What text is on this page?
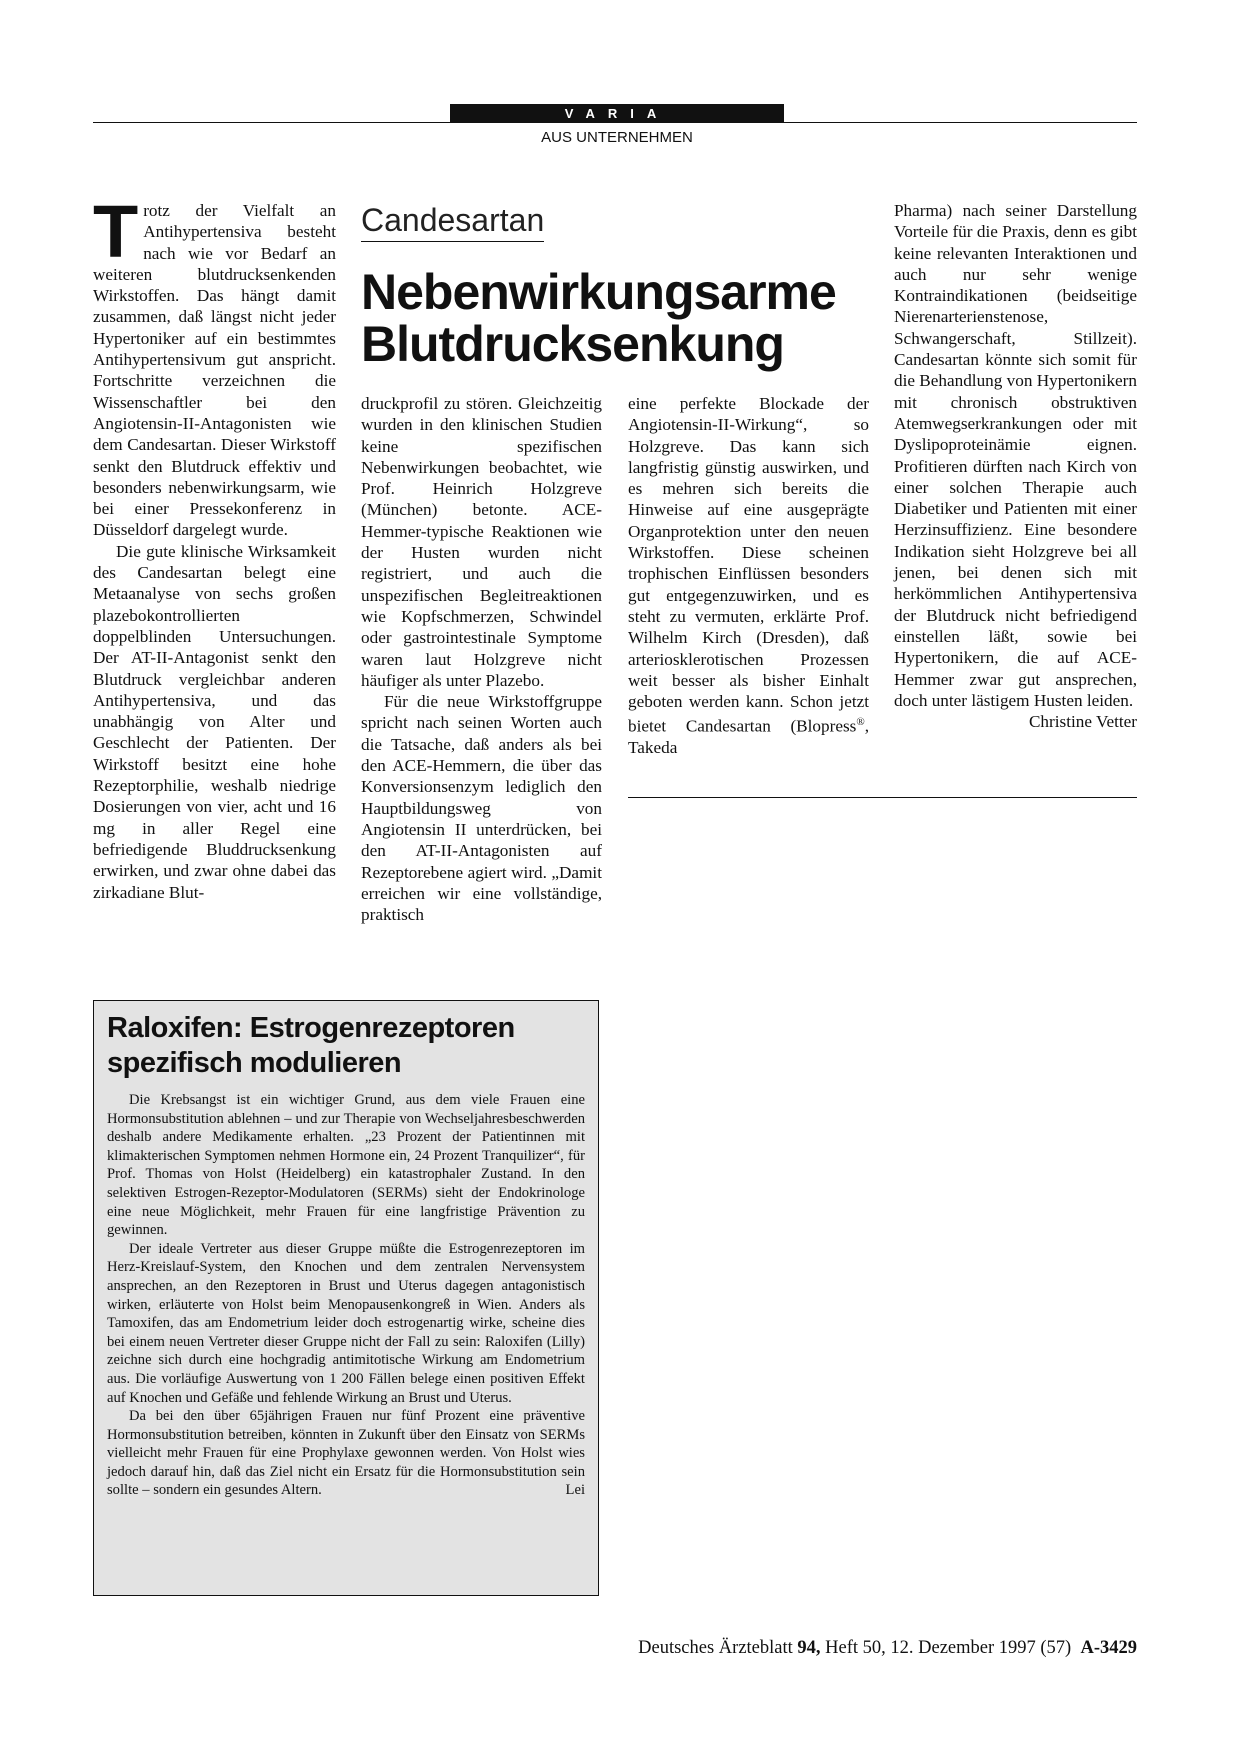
VARIA
AUS UNTERNEHMEN

Trotz der Vielfalt an Antihypertensiva besteht nach wie vor Bedarf an weiteren blutdrucksenkenden Wirkstoffen. Das hängt damit zusammen, daß längst nicht jeder Hypertoniker auf ein bestimmtes Antihypertensivum gut anspricht. Fortschritte verzeichnen die Wissenschaftler bei den Angiotensin-II-Antagonisten wie dem Candesartan. Dieser Wirkstoff senkt den Blutdruck effektiv und besonders nebenwirkungsarm, wie bei einer Pressekonferenz in Düsseldorf dargelegt wurde.

Die gute klinische Wirksamkeit des Candesartan belegt eine Metaanalyse von sechs großen plazebokontrollierten doppelblinden Untersuchungen. Der AT-II-Antagonist senkt den Blutdruck vergleichbar anderen Antihypertensiva, und das unabhängig von Alter und Geschlecht der Patienten. Der Wirkstoff besitzt eine hohe Rezeptorphilie, weshalb niedrige Dosierungen von vier, acht und 16 mg in aller Regel eine befriedigende Bluddrucksenkung erwirken, und zwar ohne dabei das zirkadiane Blut-

Candesartan
Nebenwirkungsarme Blutdrucksenkung

druckprofil zu stören. Gleichzeitig wurden in den klinischen Studien keine spezifischen Nebenwirkungen beobachtet, wie Prof. Heinrich Holzgreve (München) betonte. ACE-Hemmer-typische Reaktionen wie der Husten wurden nicht registriert, und auch die unspezifischen Begleitreaktionen wie Kopfschmerzen, Schwindel oder gastrointestinale Symptome waren laut Holzgreve nicht häufiger als unter Plazebo.

Für die neue Wirkstoffgruppe spricht nach seinen Worten auch die Tatsache, daß anders als bei den ACE-Hemmern, die über das Konversionsenzym lediglich den Hauptbildungsweg von Angiotensin II unterdrücken, bei den AT-II-Antagonisten auf Rezeptorebene agiert wird. „Damit erreichen wir eine vollständige, praktisch

eine perfekte Blockade der Angiotensin-II-Wirkung“, so Holzgreve. Das kann sich langfristig günstig auswirken, und es mehren sich bereits die Hinweise auf eine ausgeprägte Organprotektion unter den neuen Wirkstoffen. Diese scheinen trophischen Einflüssen besonders gut entgegenzuwirken, und es steht zu vermuten, erklärte Prof. Wilhelm Kirch (Dresden), daß arteriosklerotischen Prozessen weit besser als bisher Einhalt geboten werden kann. Schon jetzt bietet Candesartan (Blopress®, Takeda

Pharma) nach seiner Darstellung Vorteile für die Praxis, denn es gibt keine relevanten Interaktionen und auch nur sehr wenige Kontraindikationen (beidseitige Nierenarterienstenose, Schwangerschaft, Stillzeit). Candesartan könnte sich somit für die Behandlung von Hypertonikern mit chronisch obstruktiven Atemwegserkrankungen oder mit Dyslipoproteinämie eignen. Profitieren dürften nach Kirch von einer solchen Therapie auch Diabetiker und Patienten mit einer Herzinsuffizienz. Eine besondere Indikation sieht Holzgreve bei all jenen, bei denen sich mit herkömmlichen Antihypertensiva der Blutdruck nicht befriedigend einstellen läßt, sowie bei Hypertonikern, die auf ACE-Hemmer zwar gut ansprechen, doch unter lästigem Husten leiden.
Christine Vetter

Raloxifen: Estrogenrezeptoren spezifisch modulieren

Die Krebsangst ist ein wichtiger Grund, aus dem viele Frauen eine Hormonsubstitution ablehnen – und zur Therapie von Wechseljahresbeschwerden deshalb andere Medikamente erhalten. „23 Prozent der Patientinnen mit klimakterischen Symptomen nehmen Hormone ein, 24 Prozent Tranquilizer“, für Prof. Thomas von Holst (Heidelberg) ein katastrophaler Zustand. In den selektiven Estrogen-Rezeptor-Modulatoren (SERMs) sieht der Endokrinologe eine neue Möglichkeit, mehr Frauen für eine langfristige Prävention zu gewinnen.

Der ideale Vertreter aus dieser Gruppe müßte die Estrogenrezeptoren im Herz-Kreislauf-System, den Knochen und dem zentralen Nervensystem ansprechen, an den Rezeptoren in Brust und Uterus dagegen antagonistisch wirken, erläuterte von Holst beim Menopausenkongreß in Wien. Anders als Tamoxifen, das am Endometrium leider doch estrogenartig wirke, scheine dies bei einem neuen Vertreter dieser Gruppe nicht der Fall zu sein: Raloxifen (Lilly) zeichne sich durch eine hochgradig antimitotische Wirkung am Endometrium aus. Die vorläufige Auswertung von 1 200 Fällen belege einen positiven Effekt auf Knochen und Gefäße und fehlende Wirkung an Brust und Uterus.

Da bei den über 65jährigen Frauen nur fünf Prozent eine präventive Hormonsubstitution betreiben, könnten in Zukunft über den Einsatz von SERMs vielleicht mehr Frauen für eine Prophylaxe gewonnen werden. Von Holst wies jedoch darauf hin, daß das Ziel nicht ein Ersatz für die Hormonsubstitution sein sollte – sondern ein gesundes Altern.	Lei

Deutsches Ärzteblatt 94, Heft 50, 12. Dezember 1997 (57) A-3429
